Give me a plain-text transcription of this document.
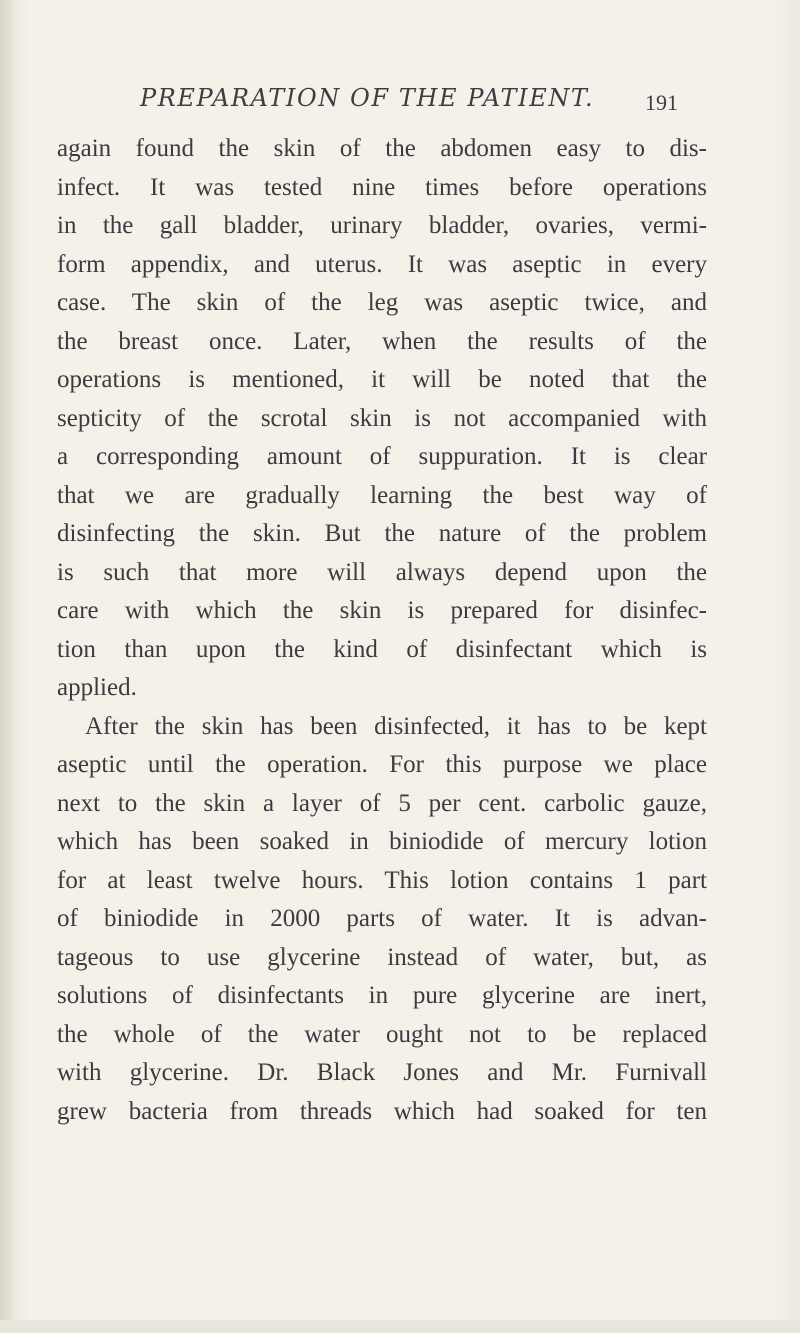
PREPARATION OF THE PATIENT. 191
again found the skin of the abdomen easy to dis-
infect. It was tested nine times before operations
in the gall bladder, urinary bladder, ovaries, vermi-
form appendix, and uterus. It was aseptic in every
case. The skin of the leg was aseptic twice, and
the breast once. Later, when the results of the
operations is mentioned, it will be noted that the
septicity of the scrotal skin is not accompanied with
a corresponding amount of suppuration. It is clear
that we are gradually learning the best way of
disinfecting the skin. But the nature of the problem
is such that more will always depend upon the
care with which the skin is prepared for disinfec-
tion than upon the kind of disinfectant which is
applied.
After the skin has been disinfected, it has to be kept
aseptic until the operation. For this purpose we place
next to the skin a layer of 5 per cent. carbolic gauze,
which has been soaked in biniodide of mercury lotion
for at least twelve hours. This lotion contains 1 part
of biniodide in 2000 parts of water. It is advan-
tageous to use glycerine instead of water, but, as
solutions of disinfectants in pure glycerine are inert,
the whole of the water ought not to be replaced
with glycerine. Dr. Black Jones and Mr. Furnivall
grew bacteria from threads which had soaked for ten
